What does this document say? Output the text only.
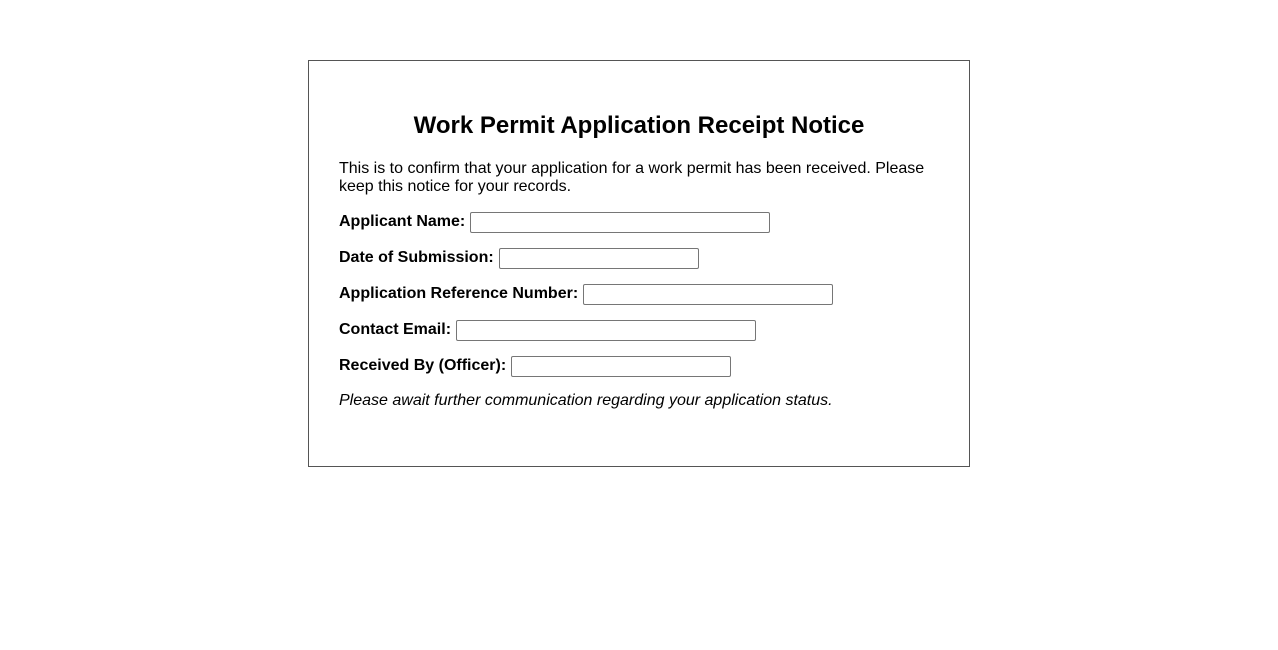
Work Permit Application Receipt Notice

This is to confirm that your application for a work permit has been received. Please keep this notice for your records.

Applicant Name:
Date of Submission:
Application Reference Number:
Contact Email:
Received By (Officer):

Please await further communication regarding your application status.
